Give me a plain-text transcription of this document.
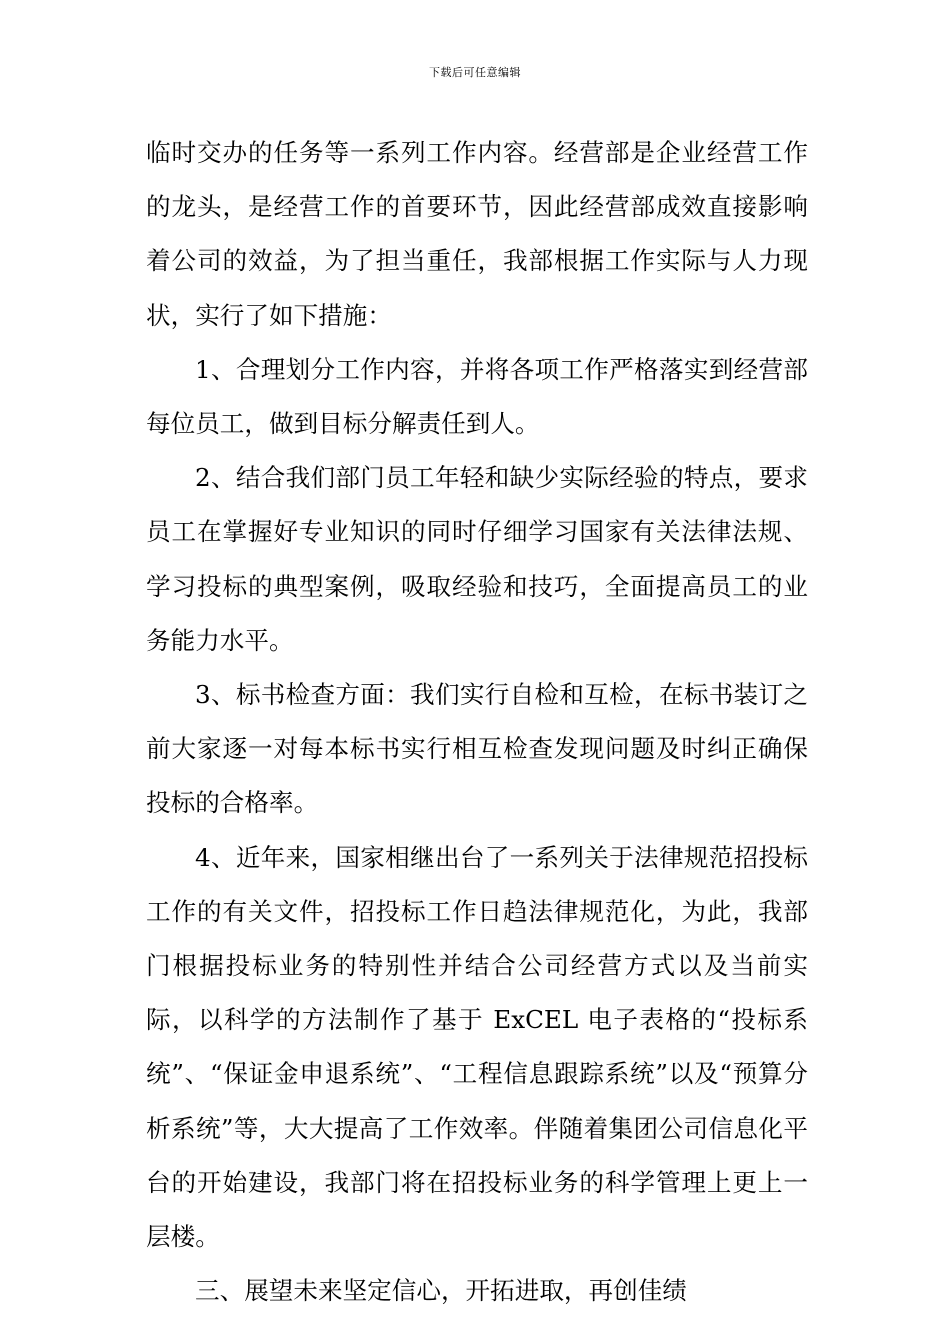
下载后可任意编辑

临时交办的任务等一系列工作内容。经营部是企业经营工作的龙头，是经营工作的首要环节，因此经营部成效直接影响着公司的效益，为了担当重任，我部根据工作实际与人力现状，实行了如下措施：

1、合理划分工作内容，并将各项工作严格落实到经营部每位员工，做到目标分解责任到人。

2、结合我们部门员工年轻和缺少实际经验的特点，要求员工在掌握好专业知识的同时仔细学习国家有关法律法规、学习投标的典型案例，吸取经验和技巧，全面提高员工的业务能力水平。

3、标书检查方面：我们实行自检和互检，在标书装订之前大家逐一对每本标书实行相互检查发现问题及时纠正确保投标的合格率。

4、近年来，国家相继出台了一系列关于法律规范招投标工作的有关文件，招投标工作日趋法律规范化，为此，我部门根据投标业务的特别性并结合公司经营方式以及当前实际，以科学的方法制作了基于 ExCEL 电子表格的“投标系统”、“保证金申退系统”、“工程信息跟踪系统”以及“预算分析系统”等，大大提高了工作效率。伴随着集团公司信息化平台的开始建设，我部门将在招投标业务的科学管理上更上一层楼。

三、展望未来坚定信心，开拓进取，再创佳绩
